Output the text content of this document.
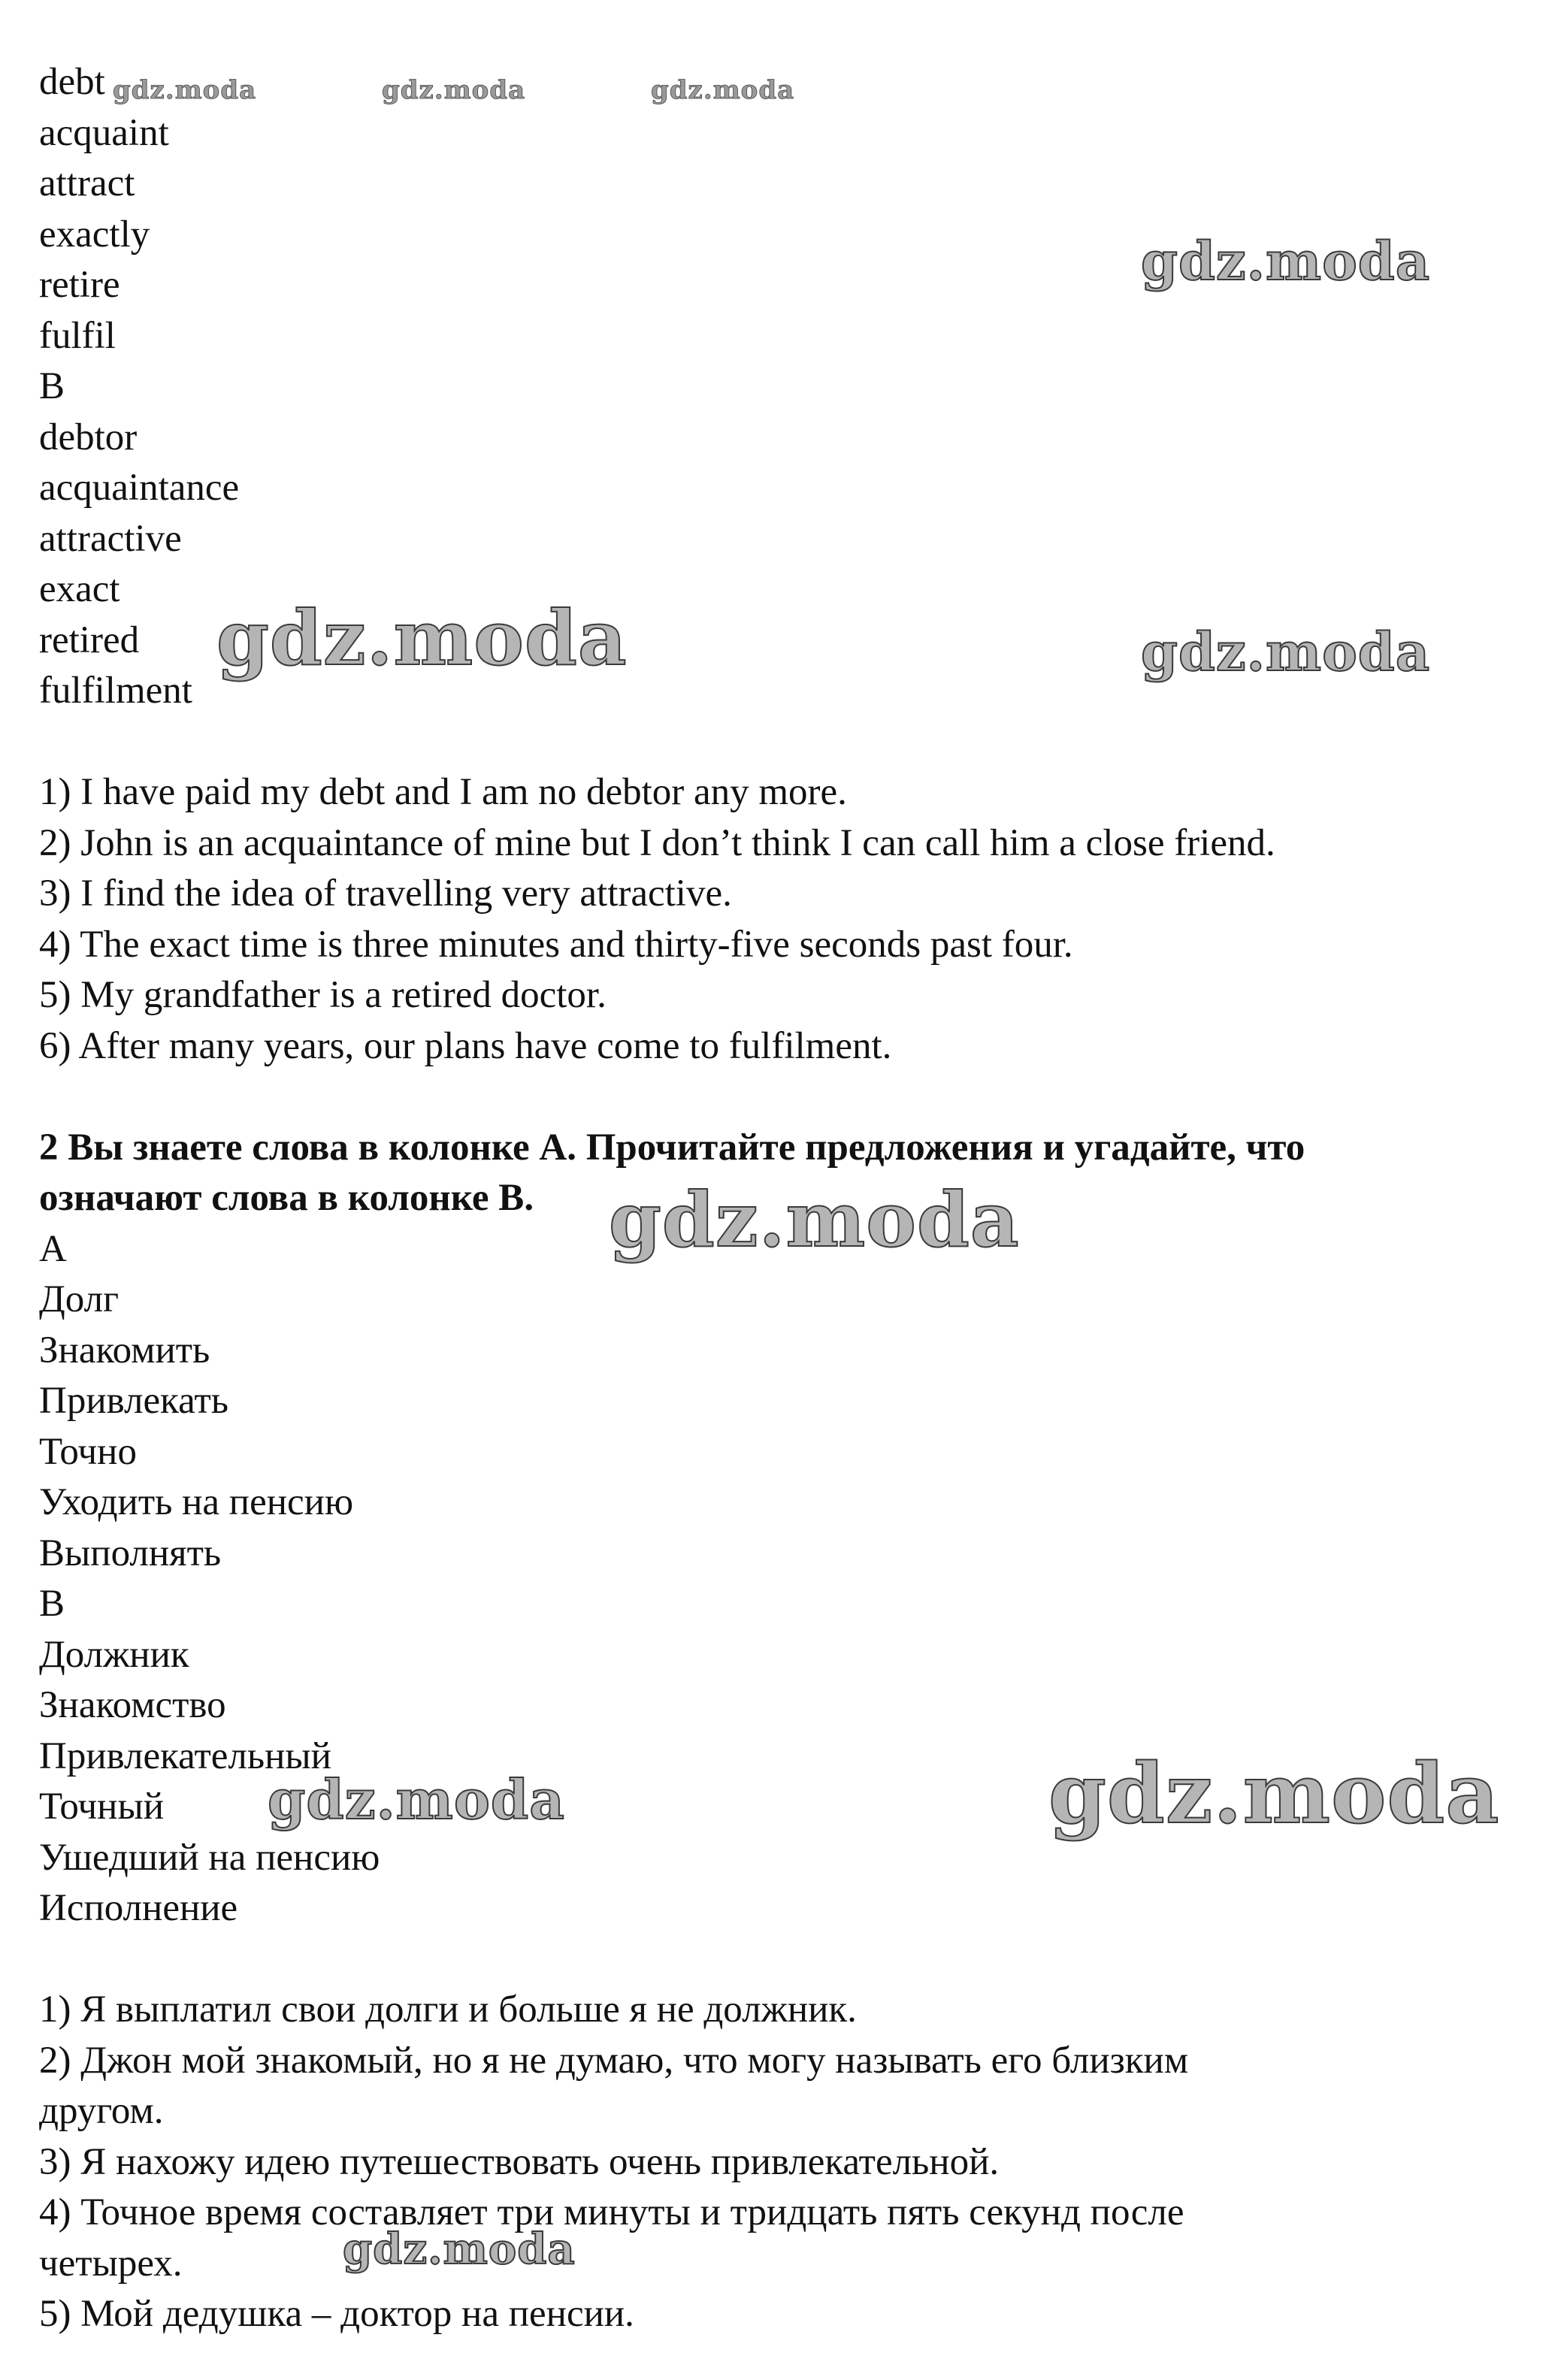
debt

acquaint

attract

exactly

retire

fulfil

B

debtor

acquaintance

attractive

exact

retired

fulfilment

1) I have paid my debt and I am no debtor any more.

2) John is an acquaintance of mine but I don’t think I can call him a close friend.

3) I find the idea of travelling very attractive.

4) The exact time is three minutes and thirty-five seconds past four.

5) My grandfather is a retired doctor.

6) After many years, our plans have come to fulfilment.

2 Вы знаете слова в колонке А. Прочитайте предложения и угадайте, что

означают слова в колонке В.

А

Долг

Знакомить

Привлекать

Точно

Уходить на пенсию

Выполнять

В

Должник

Знакомство

Привлекательный

Точный

Ушедший на пенсию

Исполнение

1) Я выплатил свои долги и больше я не должник.

2) Джон мой знакомый, но я не думаю, что могу называть его близким

другом.

3) Я нахожу идею путешествовать очень привлекательной.

4) Точное время составляет три минуты и тридцать пять секунд после

четырех.

5) Мой дедушка – доктор на пенсии.

gdz.moda	gdz.moda	gdz.moda
gdz.moda
gdz.moda	gdz.moda
gdz.moda
gdz.moda	gdz.moda
gdz.moda
